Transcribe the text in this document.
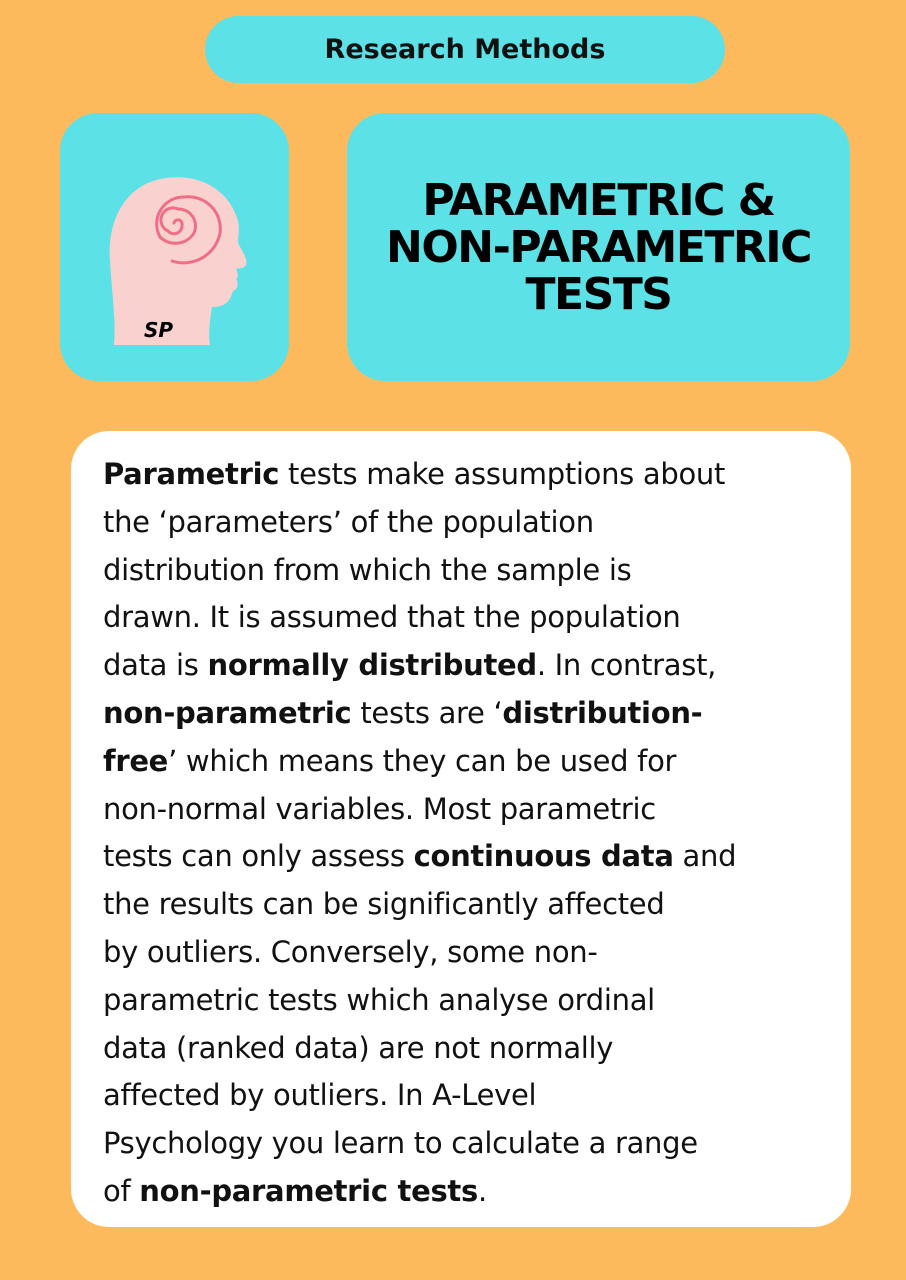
Research Methods
SP
PARAMETRIC &
NON-PARAMETRIC
TESTS
Parametric tests make assumptions about
the ‘parameters’ of the population
distribution from which the sample is
drawn. It is assumed that the population
data is normally distributed. In contrast,
non-parametric tests are ‘distribution-
free’ which means they can be used for
non-normal variables. Most parametric
tests can only assess continuous data and
the results can be significantly affected
by outliers. Conversely, some non-
parametric tests which analyse ordinal
data (ranked data) are not normally
affected by outliers. In A-Level
Psychology you learn to calculate a range
of non-parametric tests.
